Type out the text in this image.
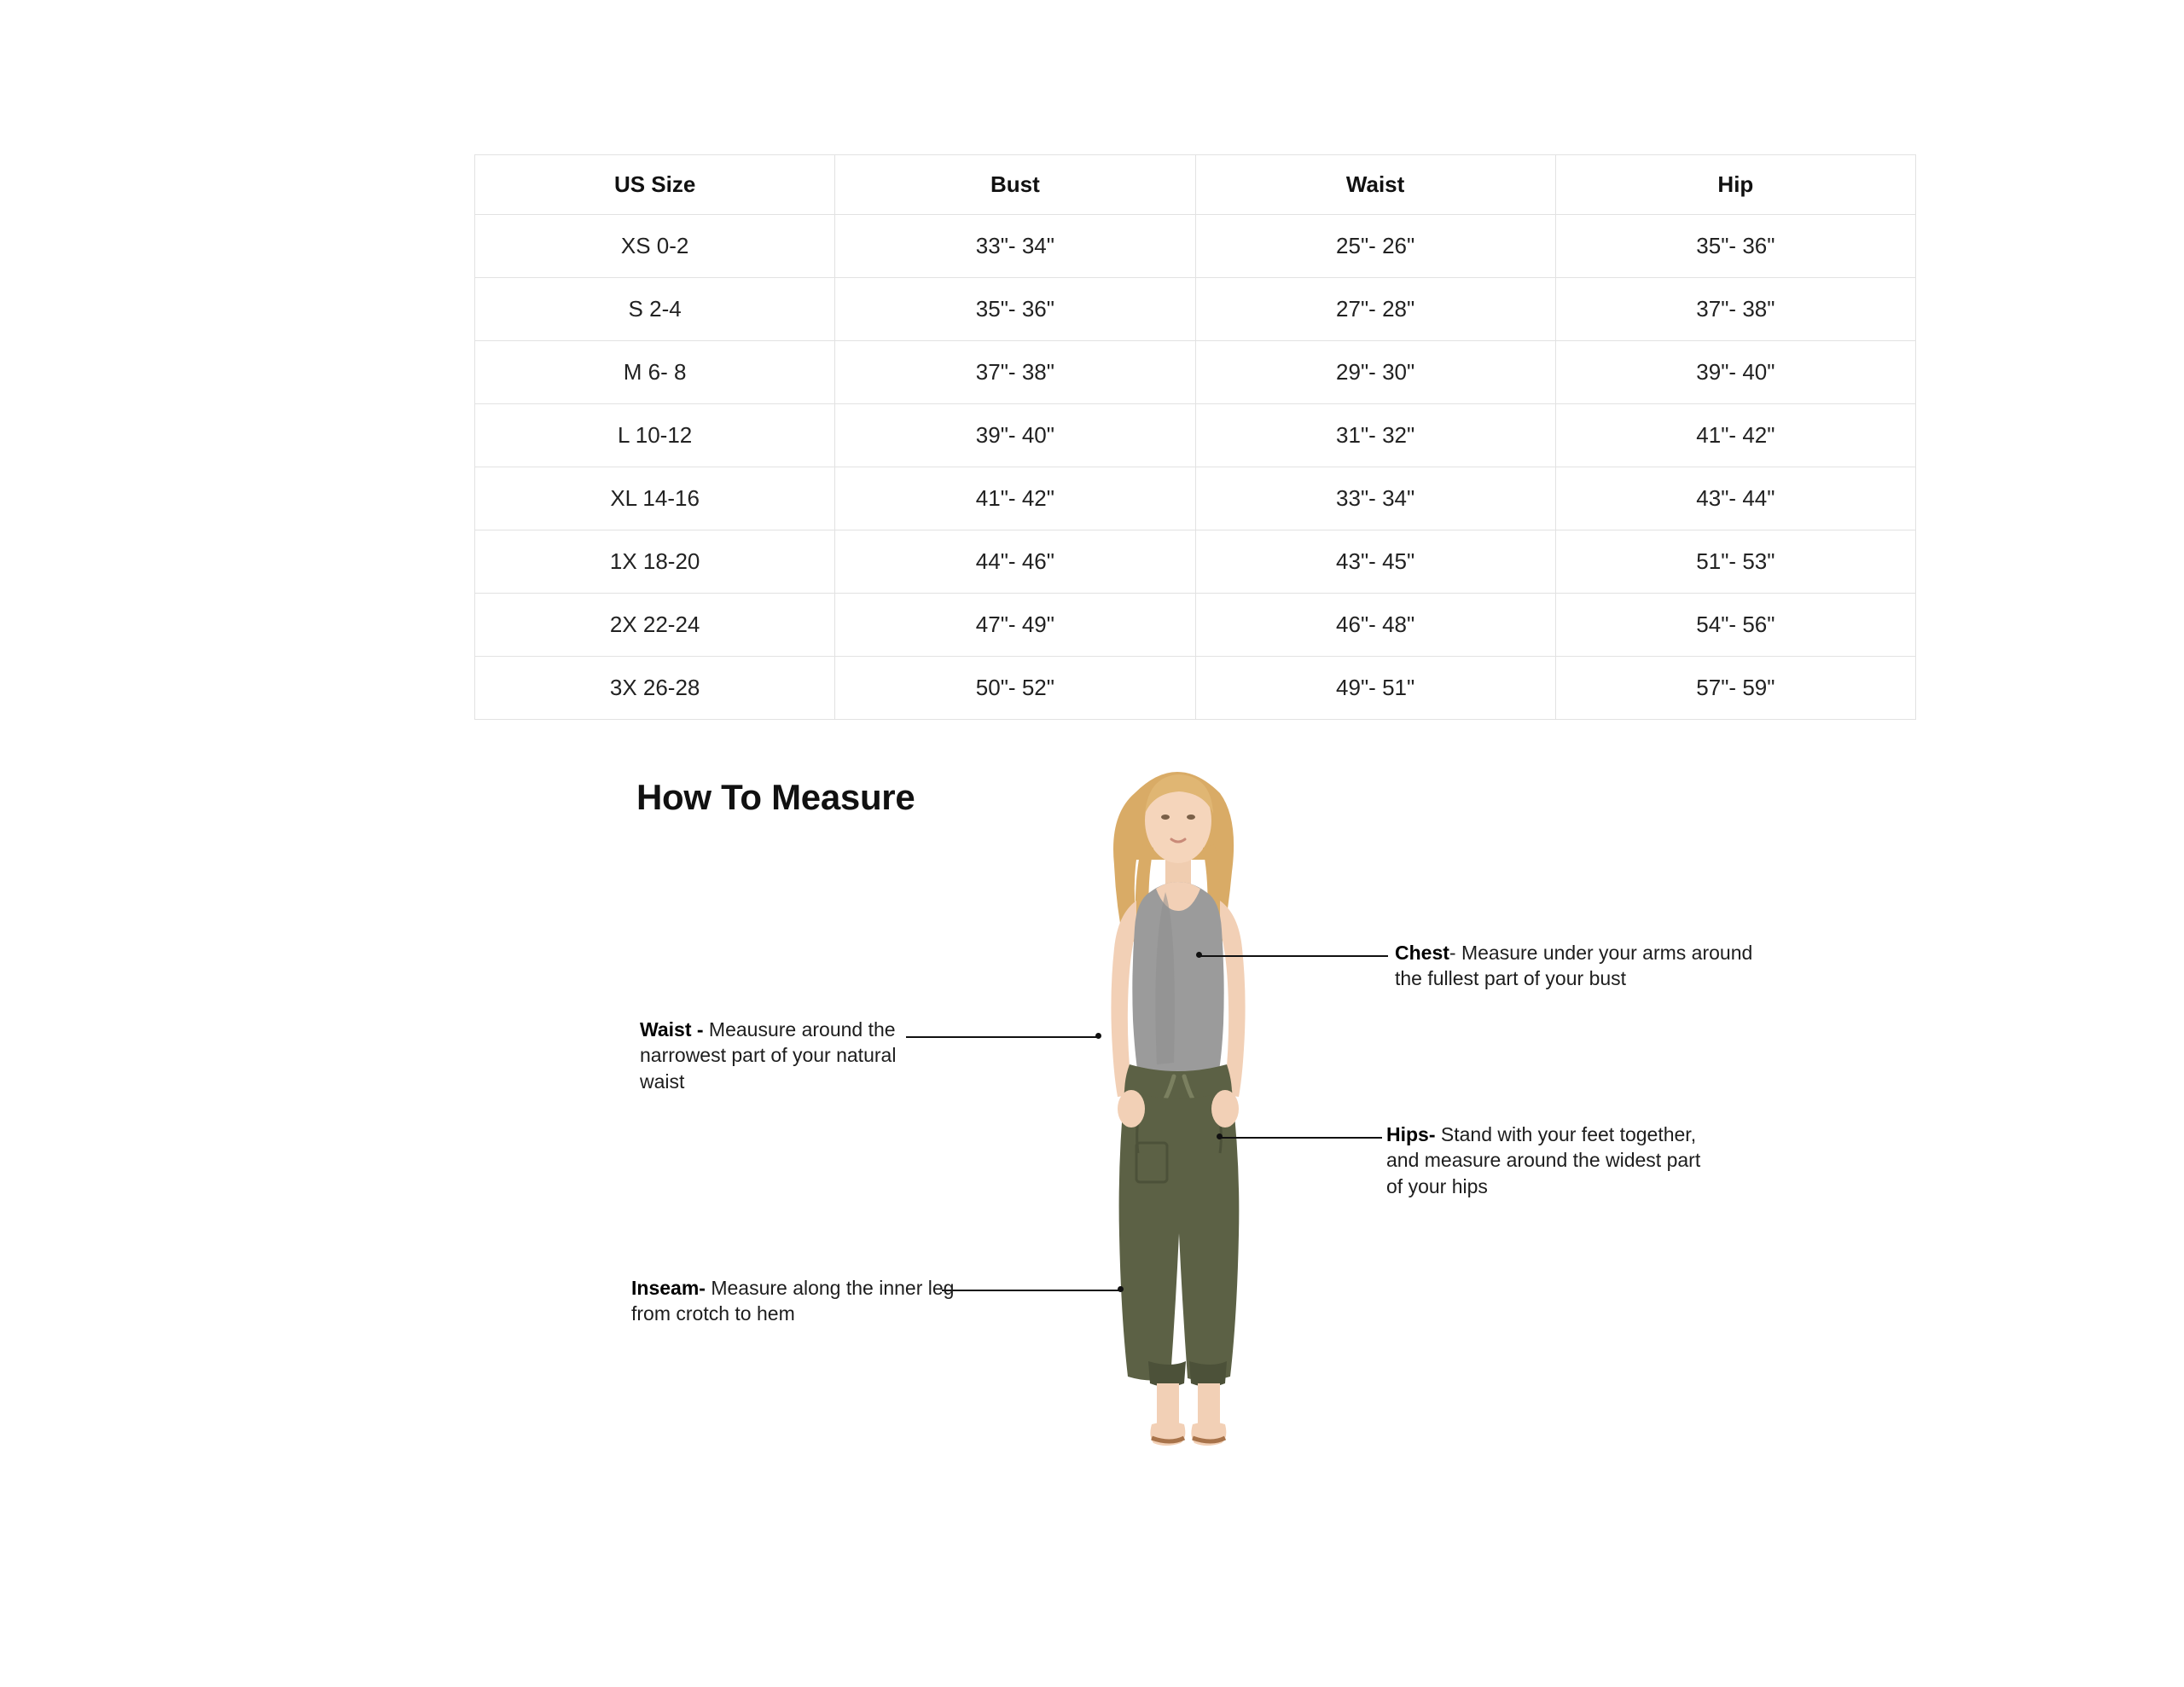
US Size	Bust	Waist	Hip
XS 0-2	33"- 34"	25"- 26"	35"- 36"
S 2-4	35"- 36"	27"- 28"	37"- 38"
M 6- 8	37"- 38"	29"- 30"	39"- 40"
L 10-12	39"- 40"	31"- 32"	41"- 42"
XL 14-16	41"- 42"	33"- 34"	43"- 44"
1X 18-20	44"- 46"	43"- 45"	51"- 53"
2X 22-24	47"- 49"	46"- 48"	54"- 56"
3X 26-28	50"- 52"	49"- 51"	57"- 59"
How To Measure
Chest- Measure under your arms around the fullest part of your bust
Waist - Meausure around the narrowest part of your natural waist
Hips- Stand with your feet together, and measure around the widest part of your hips
Inseam- Measure along the inner leg from crotch to hem
